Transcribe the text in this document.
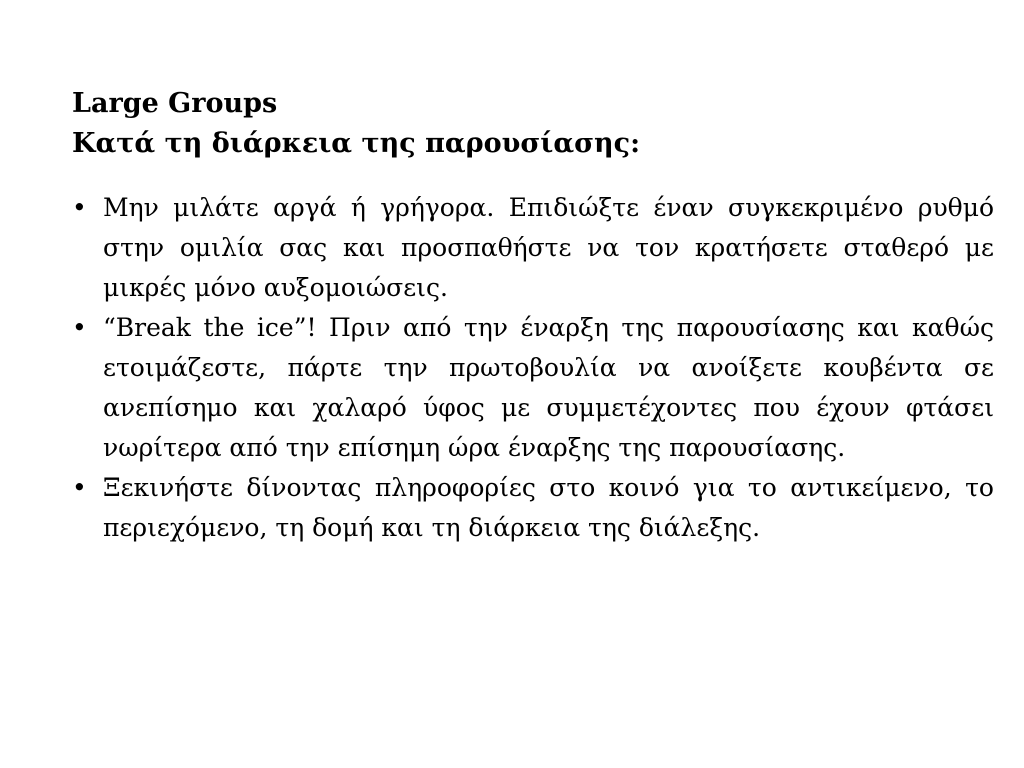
Large Groups
Κατά τη διάρκεια της παρουσίασης:
• Μην μιλάτε αργά ή γρήγορα. Επιδιώξτε έναν συγκεκριμένο ρυθμό στην ομιλία σας και προσπαθήστε να τον κρατήσετε σταθερό με μικρές μόνο αυξομοιώσεις.
• “Break the ice”! Πριν από την έναρξη της παρουσίασης και καθώς ετοιμάζεστε, πάρτε την πρωτοβουλία να ανοίξετε κουβέντα σε ανεπίσημο και χαλαρό ύφος με συμμετέχοντες που έχουν φτάσει νωρίτερα από την επίσημη ώρα έναρξης της παρουσίασης.
• Ξεκινήστε δίνοντας πληροφορίες στο κοινό για το αντικείμενο, το περιεχόμενο, τη δομή και τη διάρκεια της διάλεξης.
